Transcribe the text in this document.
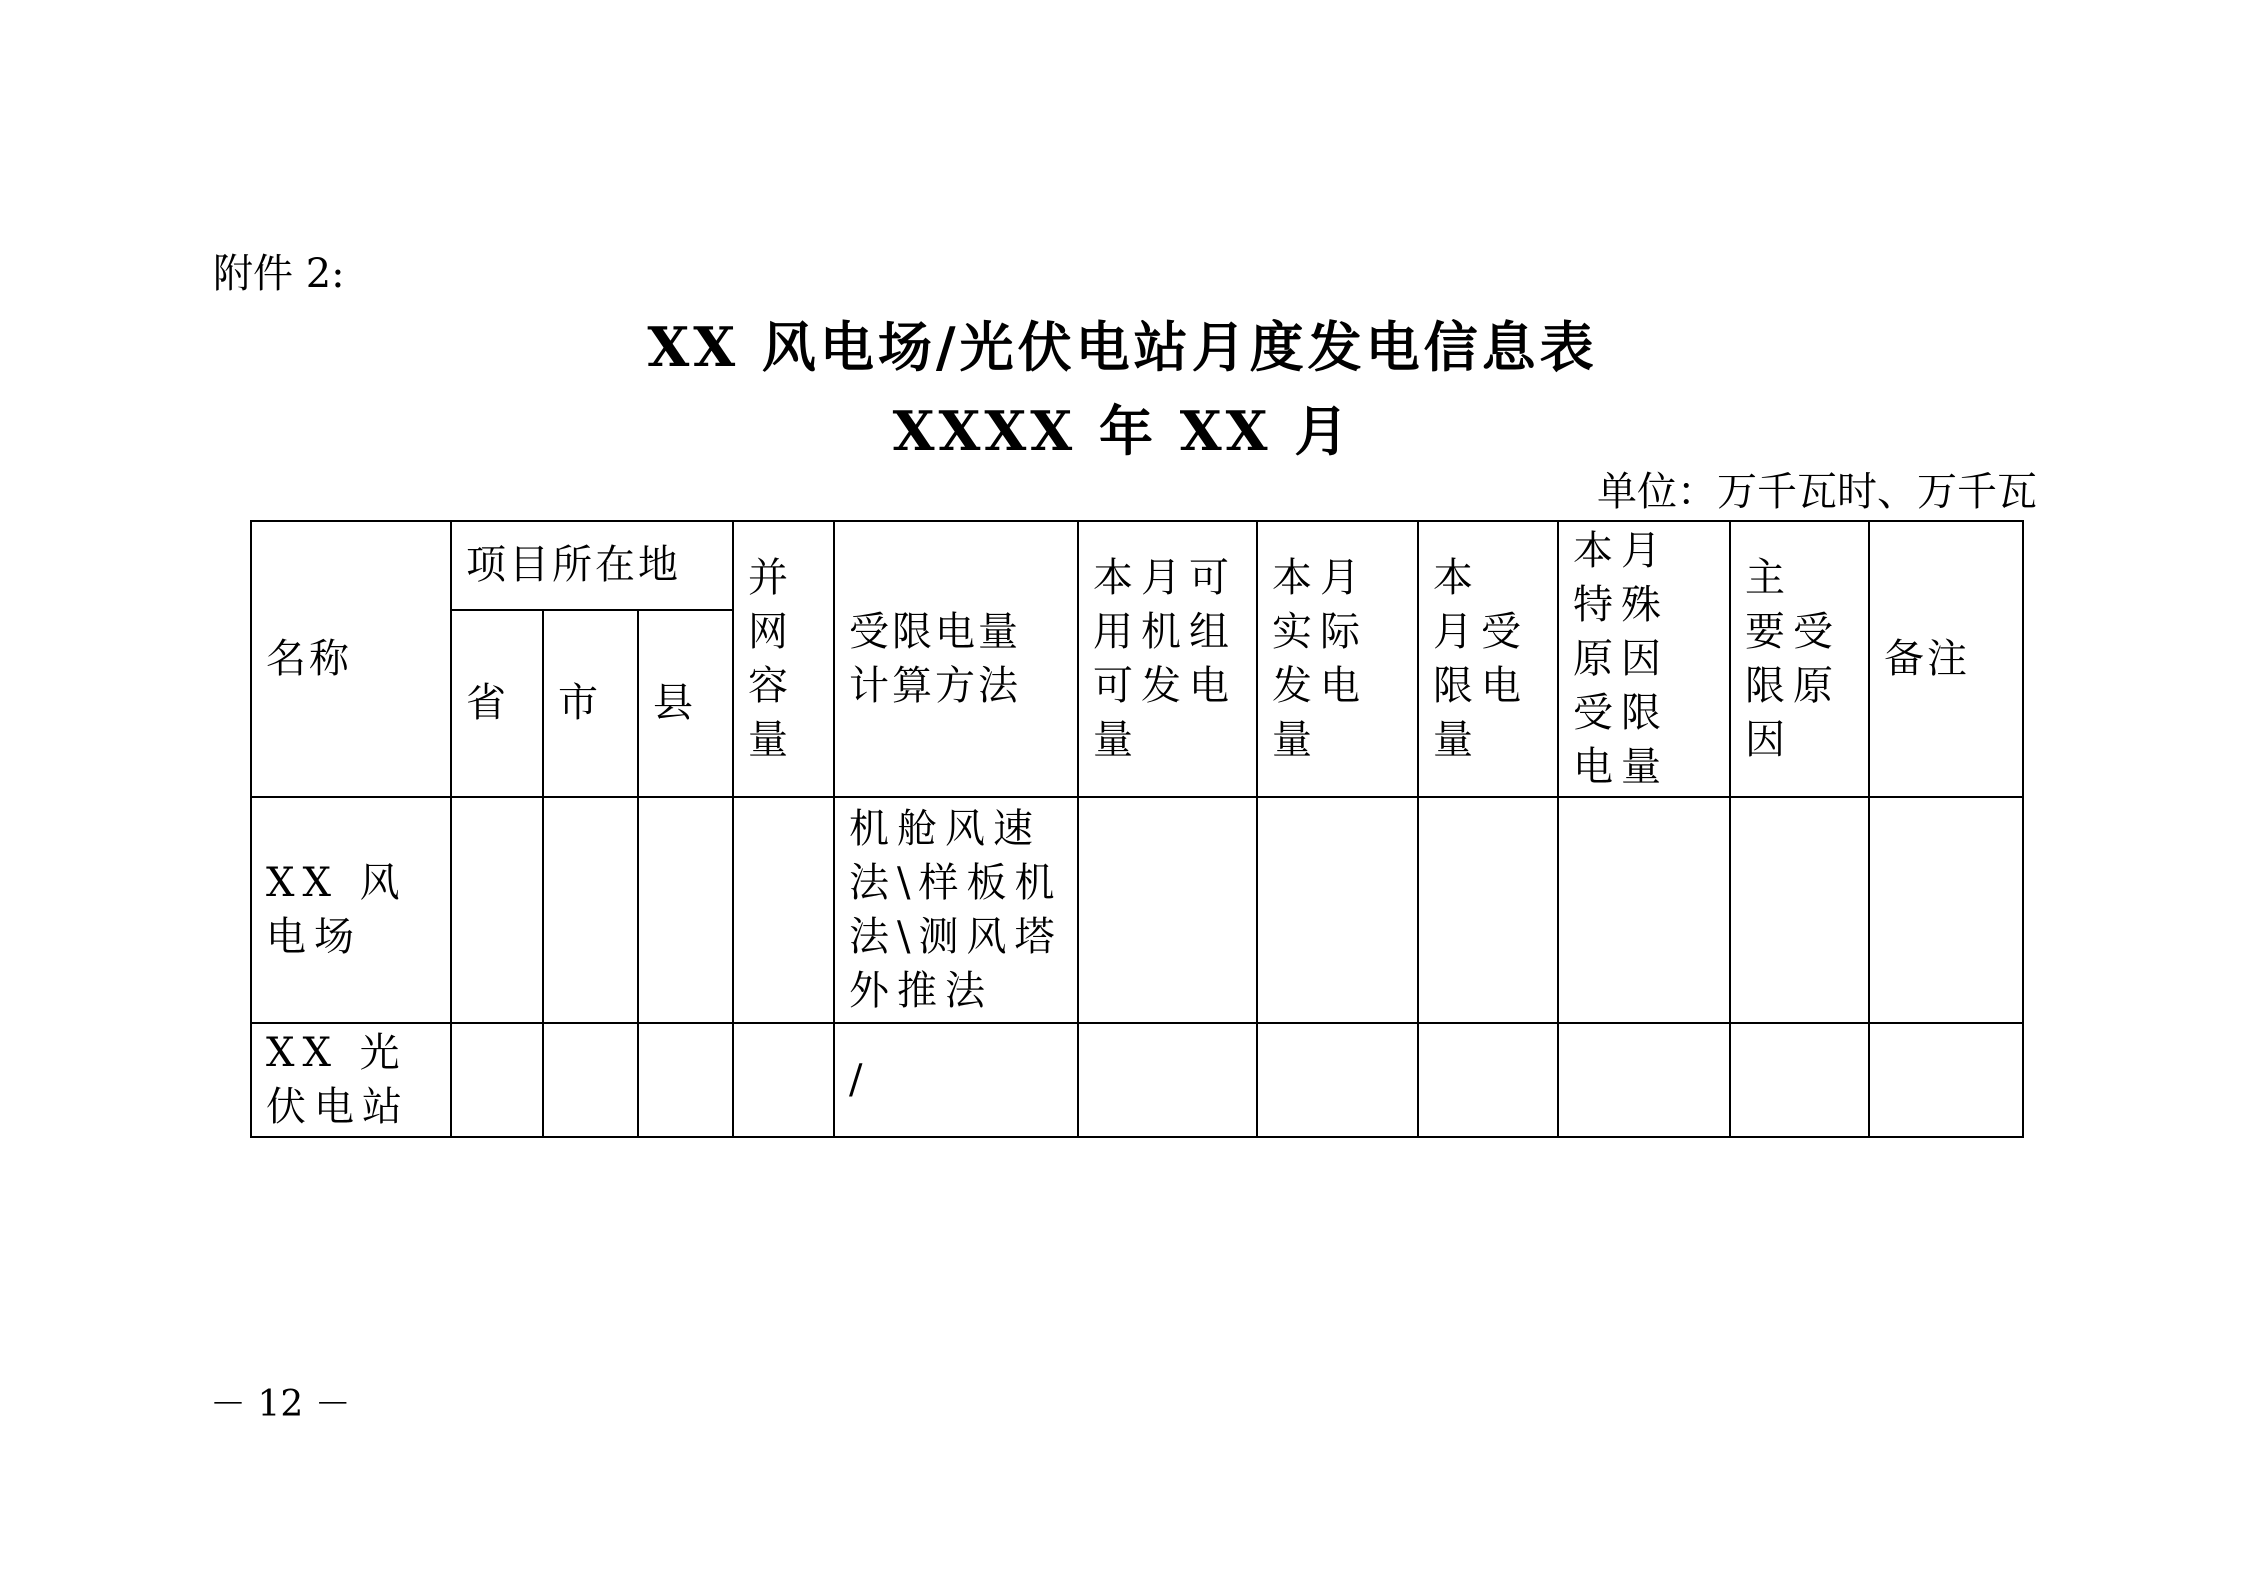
附件 2:
XX 风电场/光伏电站月度发电信息表
XXXX 年 XX 月
单位：万千瓦时、万千瓦
名称	项目所在地			并网容量	受限电量计算方法	本月可用机组可发电量	本月实际发电量	本 月受 限电量	本月特殊原因受限电量	主 要受 限原因	备注
	省	市	县								
XX 风电场					机舱风速法\样板机法\测风塔外推法						
XX 光伏电站					/						
－ 12 －
